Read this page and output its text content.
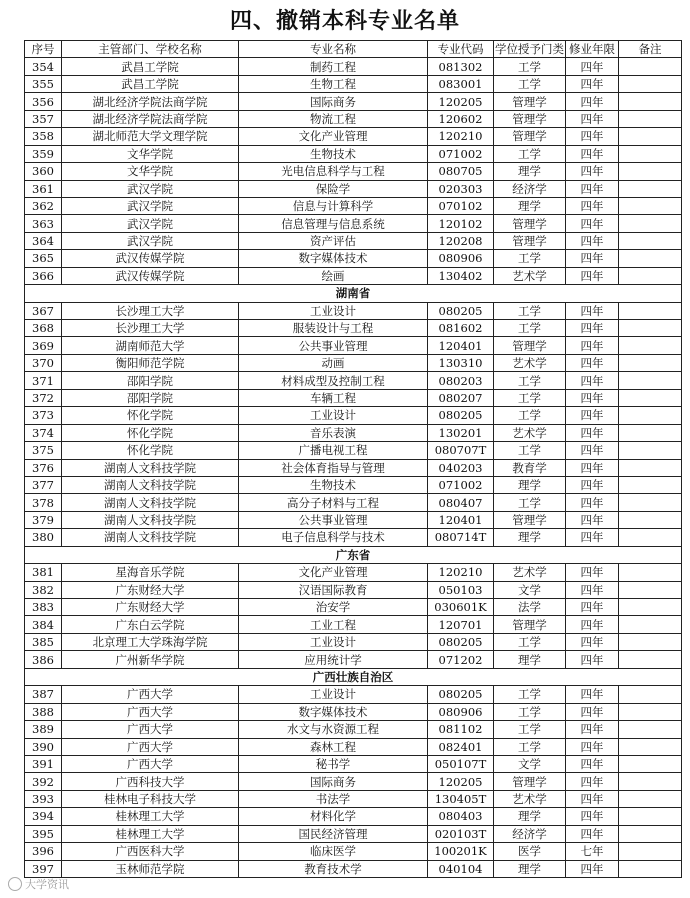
四、撤销本科专业名单
序号	主管部门、学校名称	专业名称	专业代码	学位授予门类	修业年限	备注
354	武昌工学院	制药工程	081302	工学	四年	
355	武昌工学院	生物工程	083001	工学	四年	
356	湖北经济学院法商学院	国际商务	120205	管理学	四年	
357	湖北经济学院法商学院	物流工程	120602	管理学	四年	
358	湖北师范大学文理学院	文化产业管理	120210	管理学	四年	
359	文华学院	生物技术	071002	工学	四年	
360	文华学院	光电信息科学与工程	080705	理学	四年	
361	武汉学院	保险学	020303	经济学	四年	
362	武汉学院	信息与计算科学	070102	理学	四年	
363	武汉学院	信息管理与信息系统	120102	管理学	四年	
364	武汉学院	资产评估	120208	管理学	四年	
365	武汉传媒学院	数字媒体技术	080906	工学	四年	
366	武汉传媒学院	绘画	130402	艺术学	四年	
湖南省						
367	长沙理工大学	工业设计	080205	工学	四年	
368	长沙理工大学	服装设计与工程	081602	工学	四年	
369	湖南师范大学	公共事业管理	120401	管理学	四年	
370	衡阳师范学院	动画	130310	艺术学	四年	
371	邵阳学院	材料成型及控制工程	080203	工学	四年	
372	邵阳学院	车辆工程	080207	工学	四年	
373	怀化学院	工业设计	080205	工学	四年	
374	怀化学院	音乐表演	130201	艺术学	四年	
375	怀化学院	广播电视工程	080707T	工学	四年	
376	湖南人文科技学院	社会体育指导与管理	040203	教育学	四年	
377	湖南人文科技学院	生物技术	071002	理学	四年	
378	湖南人文科技学院	高分子材料与工程	080407	工学	四年	
379	湖南人文科技学院	公共事业管理	120401	管理学	四年	
380	湖南人文科技学院	电子信息科学与技术	080714T	理学	四年	
广东省						
381	星海音乐学院	文化产业管理	120210	艺术学	四年	
382	广东财经大学	汉语国际教育	050103	文学	四年	
383	广东财经大学	治安学	030601K	法学	四年	
384	广东白云学院	工业工程	120701	管理学	四年	
385	北京理工大学珠海学院	工业设计	080205	工学	四年	
386	广州新华学院	应用统计学	071202	理学	四年	
广西壮族自治区						
387	广西大学	工业设计	080205	工学	四年	
388	广西大学	数字媒体技术	080906	工学	四年	
389	广西大学	水文与水资源工程	081102	工学	四年	
390	广西大学	森林工程	082401	工学	四年	
391	广西大学	秘书学	050107T	文学	四年	
392	广西科技大学	国际商务	120205	管理学	四年	
393	桂林电子科技大学	书法学	130405T	艺术学	四年	
394	桂林理工大学	材料化学	080403	理学	四年	
395	桂林理工大学	国民经济管理	020103T	经济学	四年	
396	广西医科大学	临床医学	100201K	医学	七年	
397	玉林师范学院	教育技术学	040104	理学	四年	
大学资讯
